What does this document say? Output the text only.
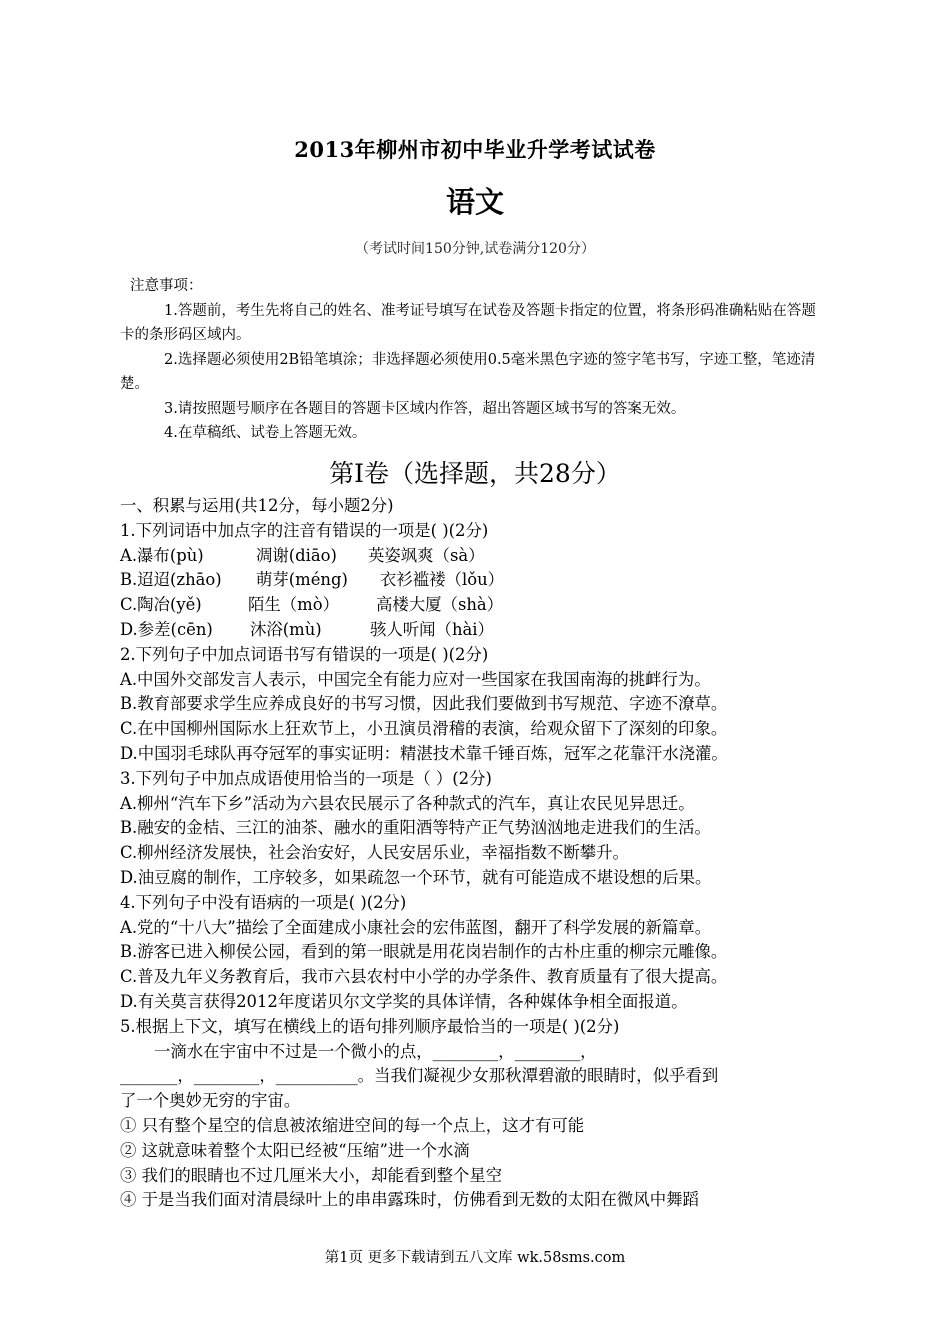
2013年柳州市初中毕业升学考试试卷
语文
（考试时间150分钟,试卷满分120分）
注意事项：

1.答题前，考生先将自己的姓名、准考证号填写在试卷及答题卡指定的位置，将条形码准确粘贴在答题卡的条形码区域内。

2.选择题必须使用2B铅笔填涂；非选择题必须使用0.5毫米黑色字迹的签字笔书写，字迹工整，笔迹清楚。

3.请按照题号顺序在各题目的答题卡区域内作答，超出答题区域书写的答案无效。

4.在草稿纸、试卷上答题无效。

第Ⅰ卷（选择题，共28分）
一、积累与运用(共12分，每小题2分)
1.下列词语中加点字的注音有错误的一项是( )(2分)
A.瀑布(pù)	凋谢(diāo) 英姿飒爽（sà）
B.迢迢(zhāo) 萌芽(méng) 衣衫褴褛（lǒu）
C.陶冶(yě)	陌生（mò） 高楼大厦（shà）
D.参差(cēn) 沐浴(mù)	骇人听闻（hài）
2.下列句子中加点词语书写有错误的一项是( )(2分)
A.中国外交部发言人表示，中国完全有能力应对一些国家在我国南海的挑衅行为。
B.教育部要求学生应养成良好的书写习惯，因此我们要做到书写规范、字迹不潦草。
C.在中国柳州国际水上狂欢节上，小丑演员滑稽的表演，给观众留下了深刻的印象。
D.中国羽毛球队再夺冠军的事实证明：精湛技术靠千锤百炼，冠军之花靠汗水浇灌。
3.下列句子中加点成语使用恰当的一项是（ ）(2分)
A.柳州“汽车下乡”活动为六县农民展示了各种款式的汽车，真让农民见异思迁。
B.融安的金桔、三江的油茶、融水的重阳酒等特产正气势汹汹地走进我们的生活。
C.柳州经济发展快，社会治安好，人民安居乐业，幸福指数不断攀升。
D.油豆腐的制作，工序较多，如果疏忽一个环节，就有可能造成不堪设想的后果。
4.下列句子中没有语病的一项是( )(2分)
A.党的“十八大”描绘了全面建成小康社会的宏伟蓝图，翻开了科学发展的新篇章。
B.游客已进入柳侯公园，看到的第一眼就是用花岗岩制作的古朴庄重的柳宗元雕像。
C.普及九年义务教育后，我市六县农村中小学的办学条件、教育质量有了很大提高。
D.有关莫言获得2012年度诺贝尔文学奖的具体详情，各种媒体争相全面报道。
5.根据上下文，填写在横线上的语句排列顺序最恰当的一项是( )(2分)
一滴水在宇宙中不过是一个微小的点，________，________，
_______，________，__________。当我们凝视少女那秋潭碧澈的眼睛时，似乎看到
了一个奥妙无穷的宇宙。
① 只有整个星空的信息被浓缩进空间的每一个点上，这才有可能
② 这就意味着整个太阳已经被“压缩”进一个水滴
③ 我们的眼睛也不过几厘米大小，却能看到整个星空
④ 于是当我们面对清晨绿叶上的串串露珠时，仿佛看到无数的太阳在微风中舞蹈
第1页 更多下载请到五八文库 wk.58sms.com
